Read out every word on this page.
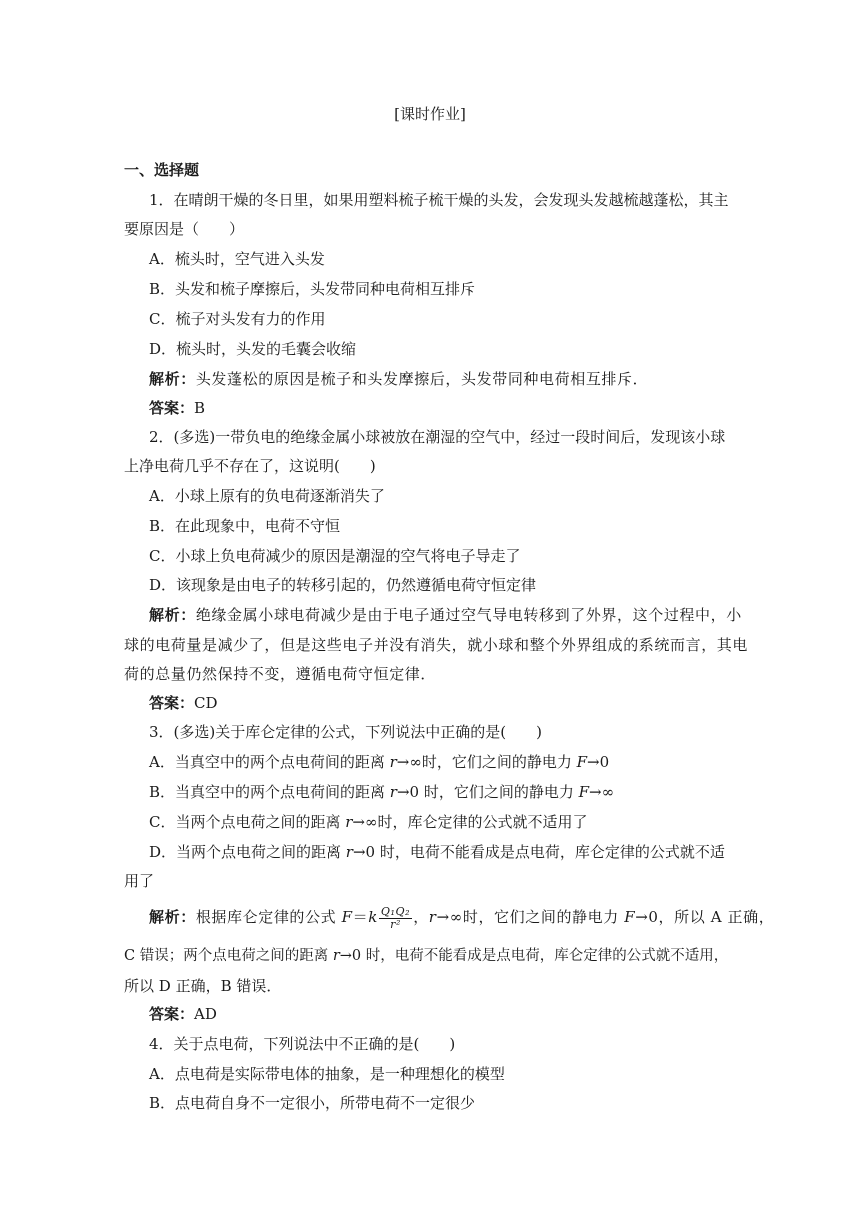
[课时作业]
一、选择题
1．在晴朗干燥的冬日里，如果用塑料梳子梳干燥的头发，会发现头发越梳越蓬松，其主
要原因是（　　）
A．梳头时，空气进入头发
B．头发和梳子摩擦后，头发带同种电荷相互排斥
C．梳子对头发有力的作用
D．梳头时，头发的毛囊会收缩
解析：头发蓬松的原因是梳子和头发摩擦后，头发带同种电荷相互排斥．
答案：B
2．(多选)一带负电的绝缘金属小球被放在潮湿的空气中，经过一段时间后，发现该小球
上净电荷几乎不存在了，这说明(　　)
A．小球上原有的负电荷逐渐消失了
B．在此现象中，电荷不守恒
C．小球上负电荷减少的原因是潮湿的空气将电子导走了
D．该现象是由电子的转移引起的，仍然遵循电荷守恒定律
解析：绝缘金属小球电荷减少是由于电子通过空气导电转移到了外界，这个过程中，小
球的电荷量是减少了，但是这些电子并没有消失，就小球和整个外界组成的系统而言，其电
荷的总量仍然保持不变，遵循电荷守恒定律．
答案：CD
3．(多选)关于库仑定律的公式，下列说法中正确的是(　　)
A．当真空中的两个点电荷间的距离 r→∞时，它们之间的静电力 F→0
B．当真空中的两个点电荷间的距离 r→0 时，它们之间的静电力 F→∞
C．当两个点电荷之间的距离 r→∞时，库仑定律的公式就不适用了
D．当两个点电荷之间的距离 r→0 时，电荷不能看成是点电荷，库仑定律的公式就不适
用了
解析：根据库仑定律的公式 $F=k \frac{\text{Q₁Q₂}}{\text{r²}}$ ，r→∞时，它们之间的静电力 F→0，所以 A 正确，
C 错误；两个点电荷之间的距离 r→0 时，电荷不能看成是点电荷，库仑定律的公式就不适用，
所以 D 正确，B 错误．
答案：AD
4．关于点电荷，下列说法中不正确的是(　　)
A．点电荷是实际带电体的抽象，是一种理想化的模型
B．点电荷自身不一定很小，所带电荷不一定很少
